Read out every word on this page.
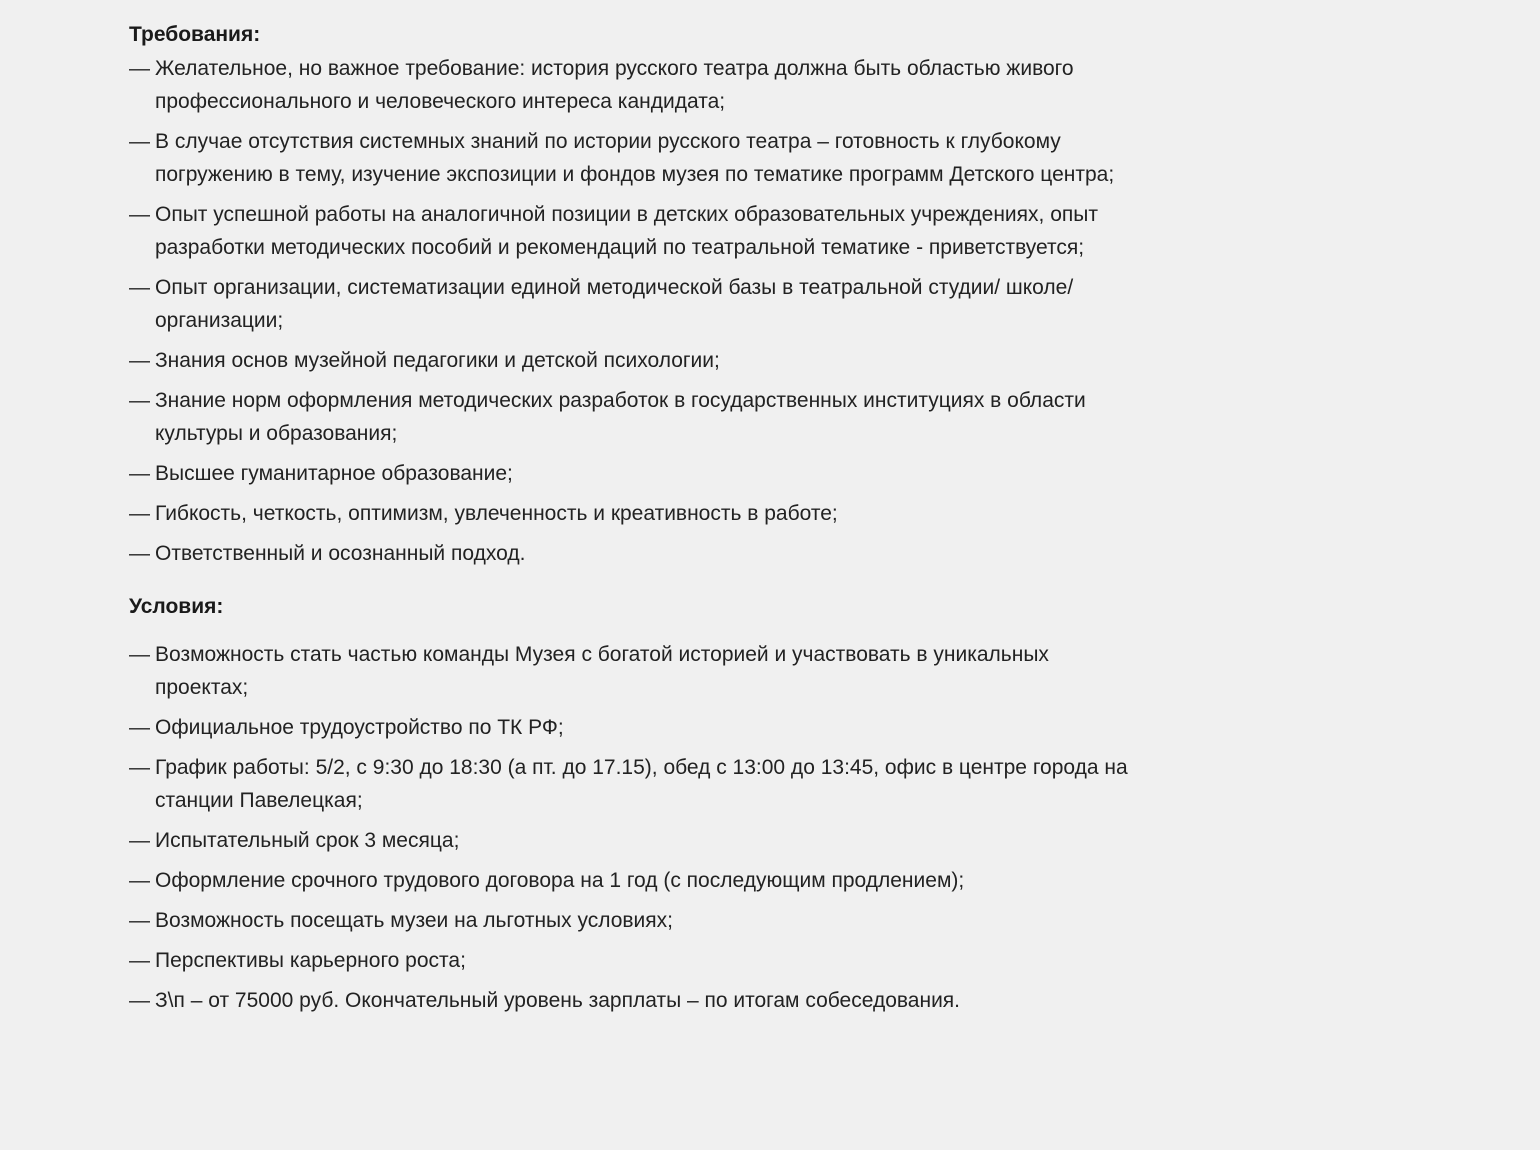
Требования:
— Желательное, но важное требование: история русского театра должна быть областью живого профессионального и человеческого интереса кандидата;
— В случае отсутствия системных знаний по истории русского театра – готовность к глубокому погружению в тему, изучение экспозиции и фондов музея по тематике программ Детского центра;
— Опыт успешной работы на аналогичной позиции в детских образовательных учреждениях, опыт разработки методических пособий и рекомендаций по театральной тематике - приветствуется;
— Опыт организации, систематизации единой методической базы в театральной студии/ школе/организации;
— Знания основ музейной педагогики и детской психологии;
— Знание норм оформления методических разработок в государственных институциях в области культуры и образования;
— Высшее гуманитарное образование;
— Гибкость, четкость, оптимизм, увлеченность и креативность в работе;
— Ответственный и осознанный подход.
Условия:
— Возможность стать частью команды Музея с богатой историей и участвовать в уникальных проектах;
— Официальное трудоустройство по ТК РФ;
— График работы: 5/2, с 9:30 до 18:30 (а пт. до 17.15), обед с 13:00 до 13:45, офис в центре города на станции Павелецкая;
— Испытательный срок 3 месяца;
— Оформление срочного трудового договора на 1 год (с последующим продлением);
— Возможность посещать музеи на льготных условиях;
— Перспективы карьерного роста;
— З\п – от 75000 руб. Окончательный уровень зарплаты – по итогам собеседования.
